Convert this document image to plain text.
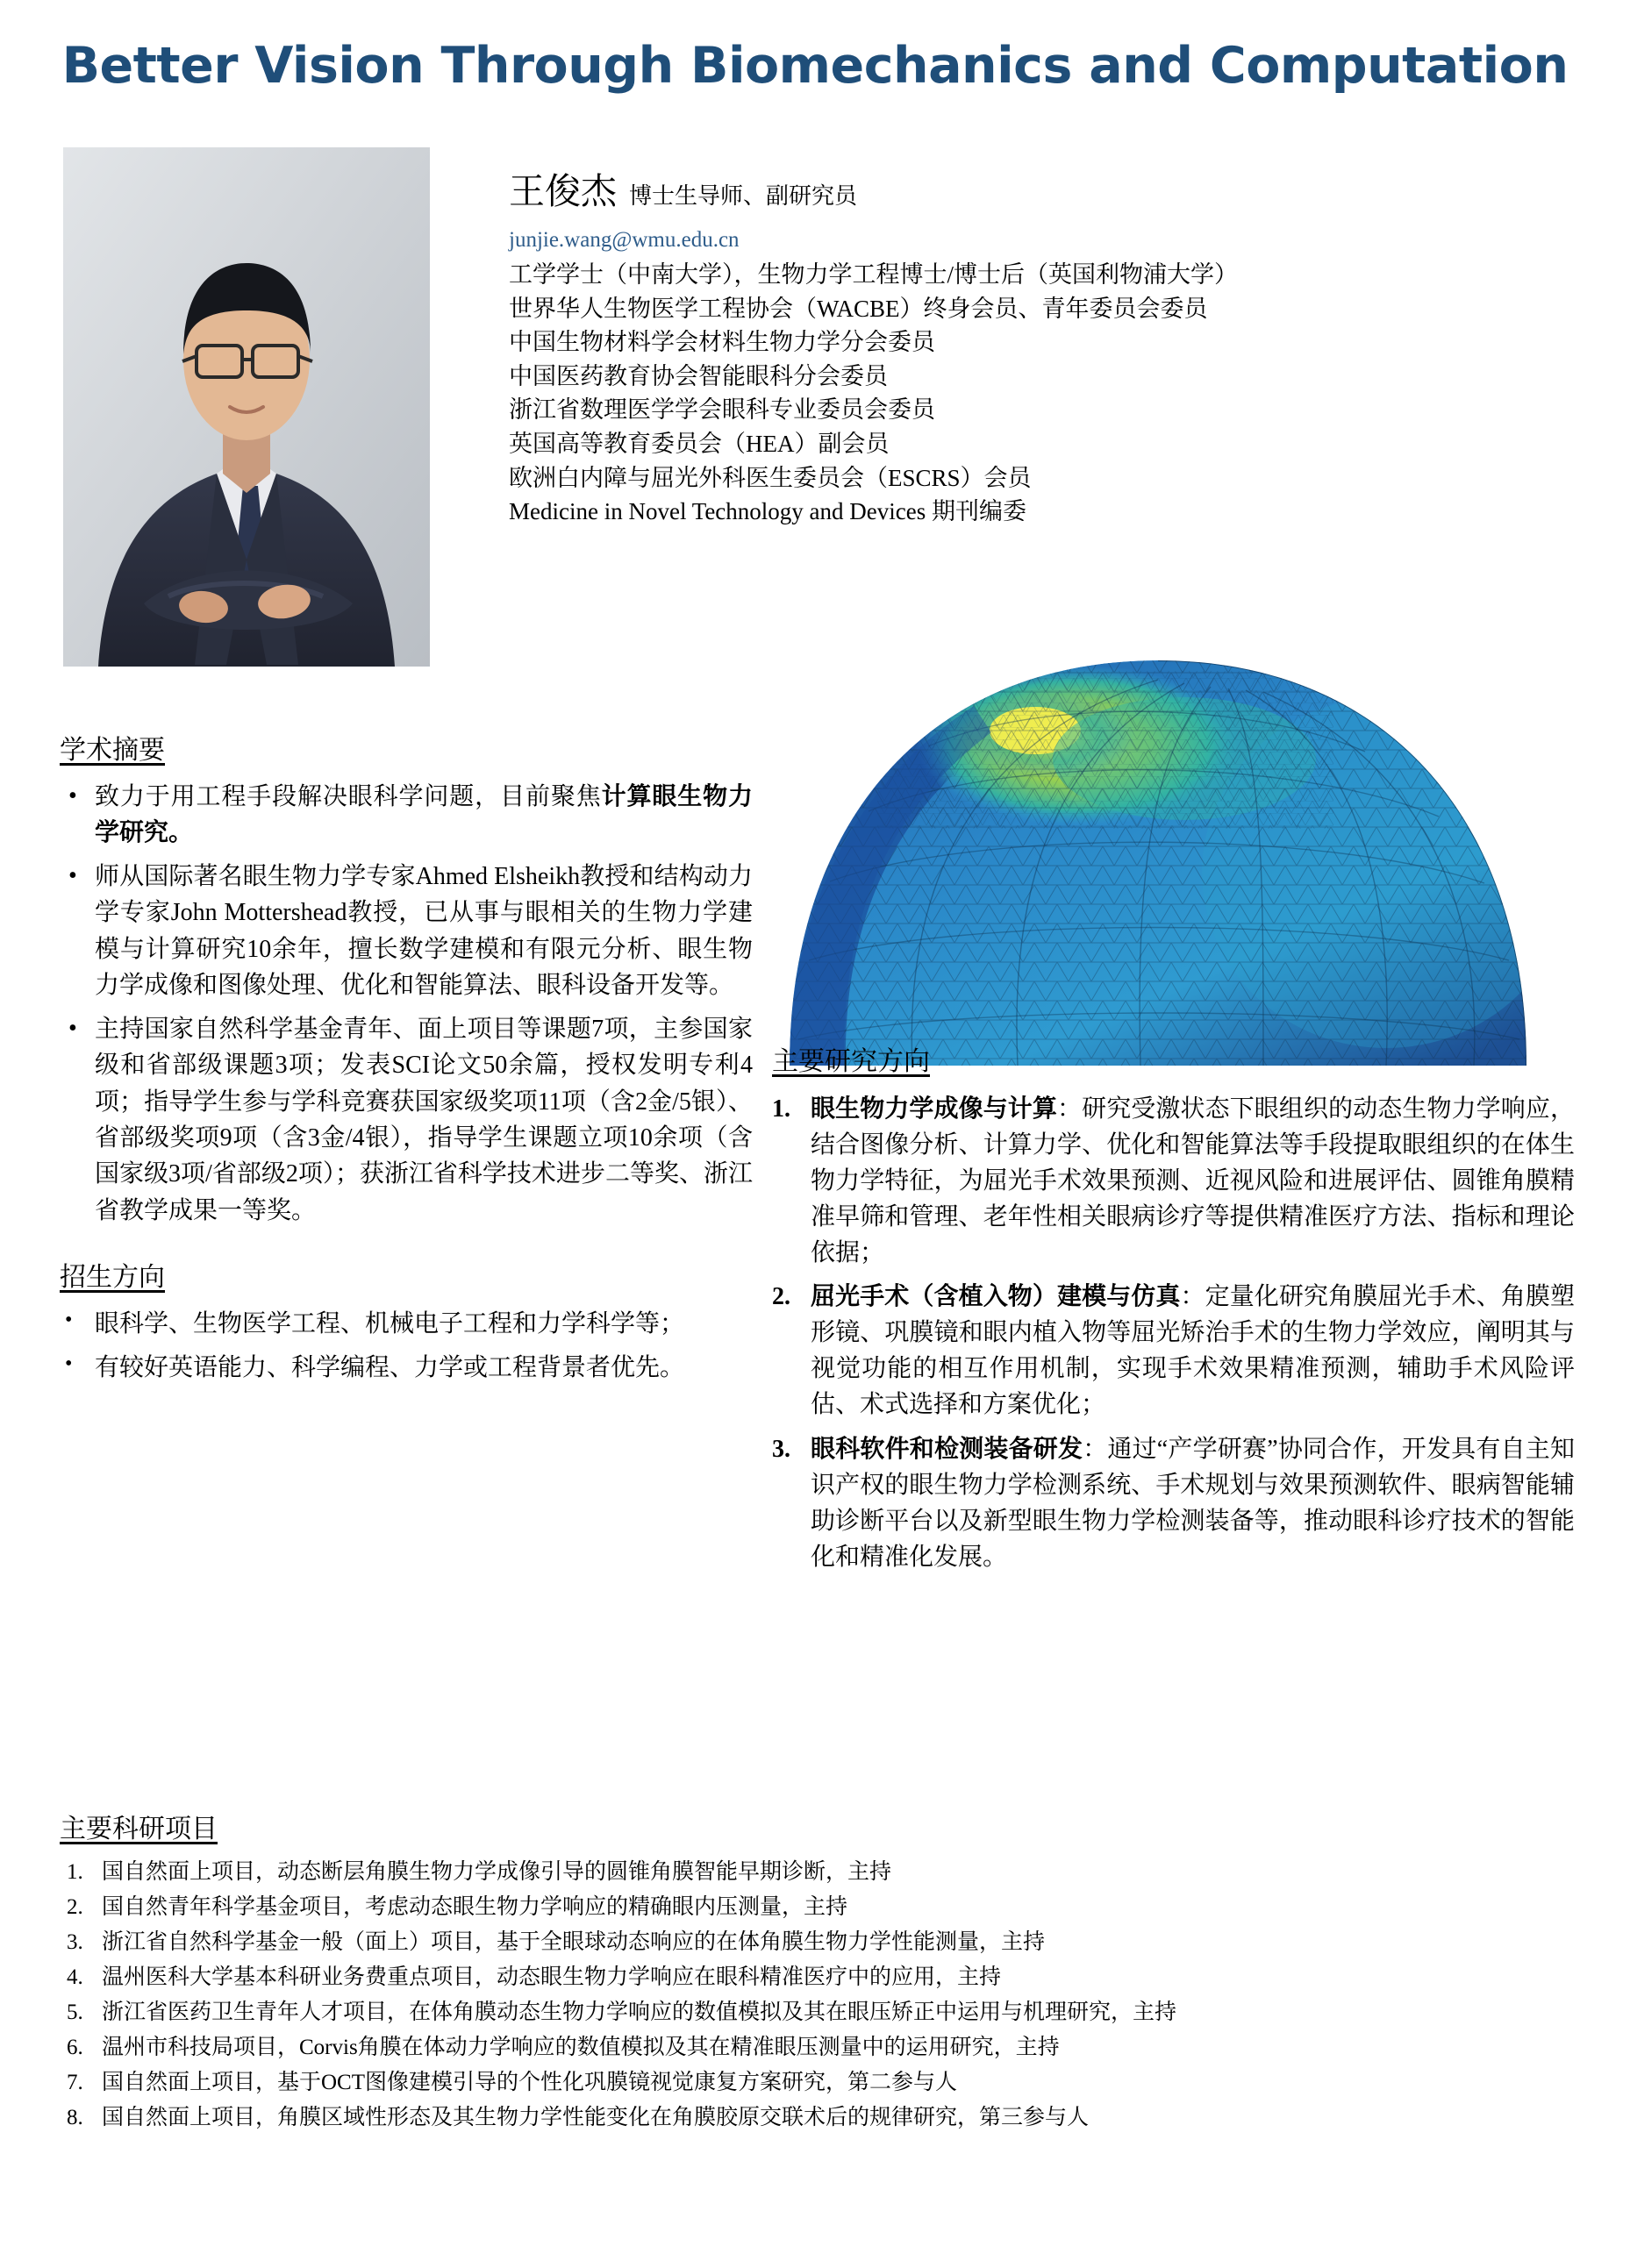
Better Vision Through Biomechanics and Computation
王俊杰 博士生导师、副研究员
junjie.wang@wmu.edu.cn
工学学士（中南大学），生物力学工程博士/博士后（英国利物浦大学）
世界华人生物医学工程协会（WACBE）终身会员、青年委员会委员
中国生物材料学会材料生物力学分会委员
中国医药教育协会智能眼科分会委员
浙江省数理医学学会眼科专业委员会委员
英国高等教育委员会（HEA）副会员
欧洲白内障与屈光外科医生委员会（ESCRS）会员
Medicine in Novel Technology and Devices 期刊编委
学术摘要
• 致力于用工程手段解决眼科学问题，目前聚焦计算眼生物力学研究。
• 师从国际著名眼生物力学专家Ahmed Elsheikh教授和结构动力学专家John Mottershead教授，已从事与眼相关的生物力学建模与计算研究10余年，擅长数学建模和有限元分析、眼生物力学成像和图像处理、优化和智能算法、眼科设备开发等。
• 主持国家自然科学基金青年、面上项目等课题7项，主参国家级和省部级课题3项；发表SCI论文50余篇，授权发明专利4项；指导学生参与学科竞赛获国家级奖项11项（含2金/5银）、省部级奖项9项（含3金/4银），指导学生课题立项10余项（含国家级3项/省部级2项）；获浙江省科学技术进步二等奖、浙江省教学成果一等奖。
招生方向
• 眼科学、生物医学工程、机械电子工程和力学科学等；
• 有较好英语能力、科学编程、力学或工程背景者优先。
主要研究方向
眼生物力学成像与计算：研究受激状态下眼组织的动态生物力学响应，结合图像分析、计算力学、优化和智能算法等手段提取眼组织的在体生物力学特征，为屈光手术效果预测、近视风险和进展评估、圆锥角膜精准早筛和管理、老年性相关眼病诊疗等提供精准医疗方法、指标和理论依据；
屈光手术（含植入物）建模与仿真：定量化研究角膜屈光手术、角膜塑形镜、巩膜镜和眼内植入物等屈光矫治手术的生物力学效应，阐明其与视觉功能的相互作用机制，实现手术效果精准预测，辅助手术风险评估、术式选择和方案优化；
眼科软件和检测装备研发：通过“产学研赛”协同合作，开发具有自主知识产权的眼生物力学检测系统、手术规划与效果预测软件、眼病智能辅助诊断平台以及新型眼生物力学检测装备等，推动眼科诊疗技术的智能化和精准化发展。
主要科研项目
国自然面上项目，动态断层角膜生物力学成像引导的圆锥角膜智能早期诊断，主持
国自然青年科学基金项目，考虑动态眼生物力学响应的精确眼内压测量，主持
浙江省自然科学基金一般（面上）项目，基于全眼球动态响应的在体角膜生物力学性能测量，主持
温州医科大学基本科研业务费重点项目，动态眼生物力学响应在眼科精准医疗中的应用，主持
浙江省医药卫生青年人才项目，在体角膜动态生物力学响应的数值模拟及其在眼压矫正中运用与机理研究，主持
温州市科技局项目，Corvis角膜在体动力学响应的数值模拟及其在精准眼压测量中的运用研究，主持
国自然面上项目，基于OCT图像建模引导的个性化巩膜镜视觉康复方案研究，第二参与人
国自然面上项目，角膜区域性形态及其生物力学性能变化在角膜胶原交联术后的规律研究，第三参与人
